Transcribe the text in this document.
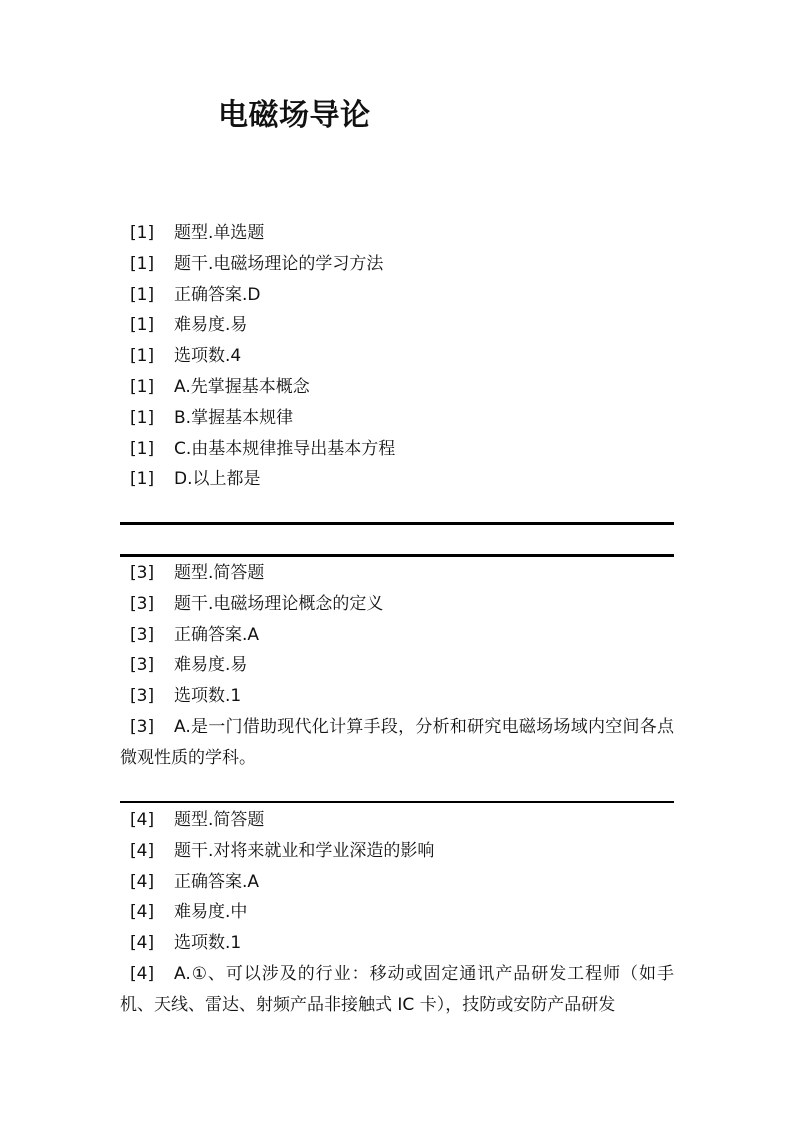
电磁场导论
[1]	题型.单选题
[1]	题干.电磁场理论的学习方法
[1]	正确答案.D
[1]	难易度.易
[1]	选项数.4
[1]	A.先掌握基本概念
[1]	B.掌握基本规律
[1]	C.由基本规律推导出基本方程
[1]	D.以上都是
[3]	题型.简答题
[3]	题干.电磁场理论概念的定义
[3]	正确答案.A
[3]	难易度.易
[3]	选项数.1
[3] A.是一门借助现代化计算手段，分析和研究电磁场场域内空间各点微观性质的学科。
[4]	题型.简答题
[4]	题干.对将来就业和学业深造的影响
[4]	正确答案.A
[4]	难易度.中
[4]	选项数.1
[4] A.①、可以涉及的行业：移动或固定通讯产品研发工程师（如手机、天线、雷达、射频产品非接触式 IC 卡），技防或安防产品研发
